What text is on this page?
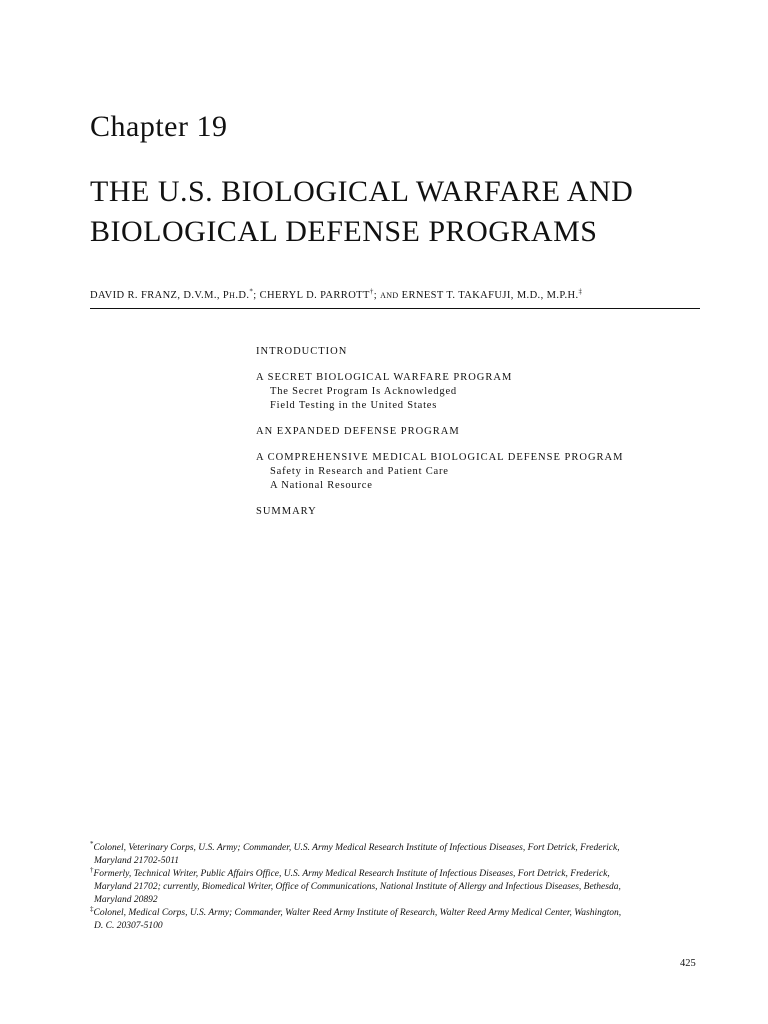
Chapter 19
THE U.S. BIOLOGICAL WARFARE AND
BIOLOGICAL DEFENSE PROGRAMS
DAVID R. FRANZ, D.V.M., PH.D.*; CHERYL D. PARROTT†; AND ERNEST T. TAKAFUJI, M.D., M.P.H.‡
INTRODUCTION
A SECRET BIOLOGICAL WARFARE PROGRAM
The Secret Program Is Acknowledged
Field Testing in the United States
AN EXPANDED DEFENSE PROGRAM
A COMPREHENSIVE MEDICAL BIOLOGICAL DEFENSE PROGRAM
Safety in Research and Patient Care
A National Resource
SUMMARY
*Colonel, Veterinary Corps, U.S. Army; Commander, U.S. Army Medical Research Institute of Infectious Diseases, Fort Detrick, Frederick,
Maryland 21702-5011
†Formerly, Technical Writer, Public Affairs Office, U.S. Army Medical Research Institute of Infectious Diseases, Fort Detrick, Frederick,
Maryland 21702; currently, Biomedical Writer, Office of Communications, National Institute of Allergy and Infectious Diseases, Bethesda,
Maryland 20892
‡Colonel, Medical Corps, U.S. Army; Commander, Walter Reed Army Institute of Research, Walter Reed Army Medical Center, Washington,
D. C. 20307-5100
425
